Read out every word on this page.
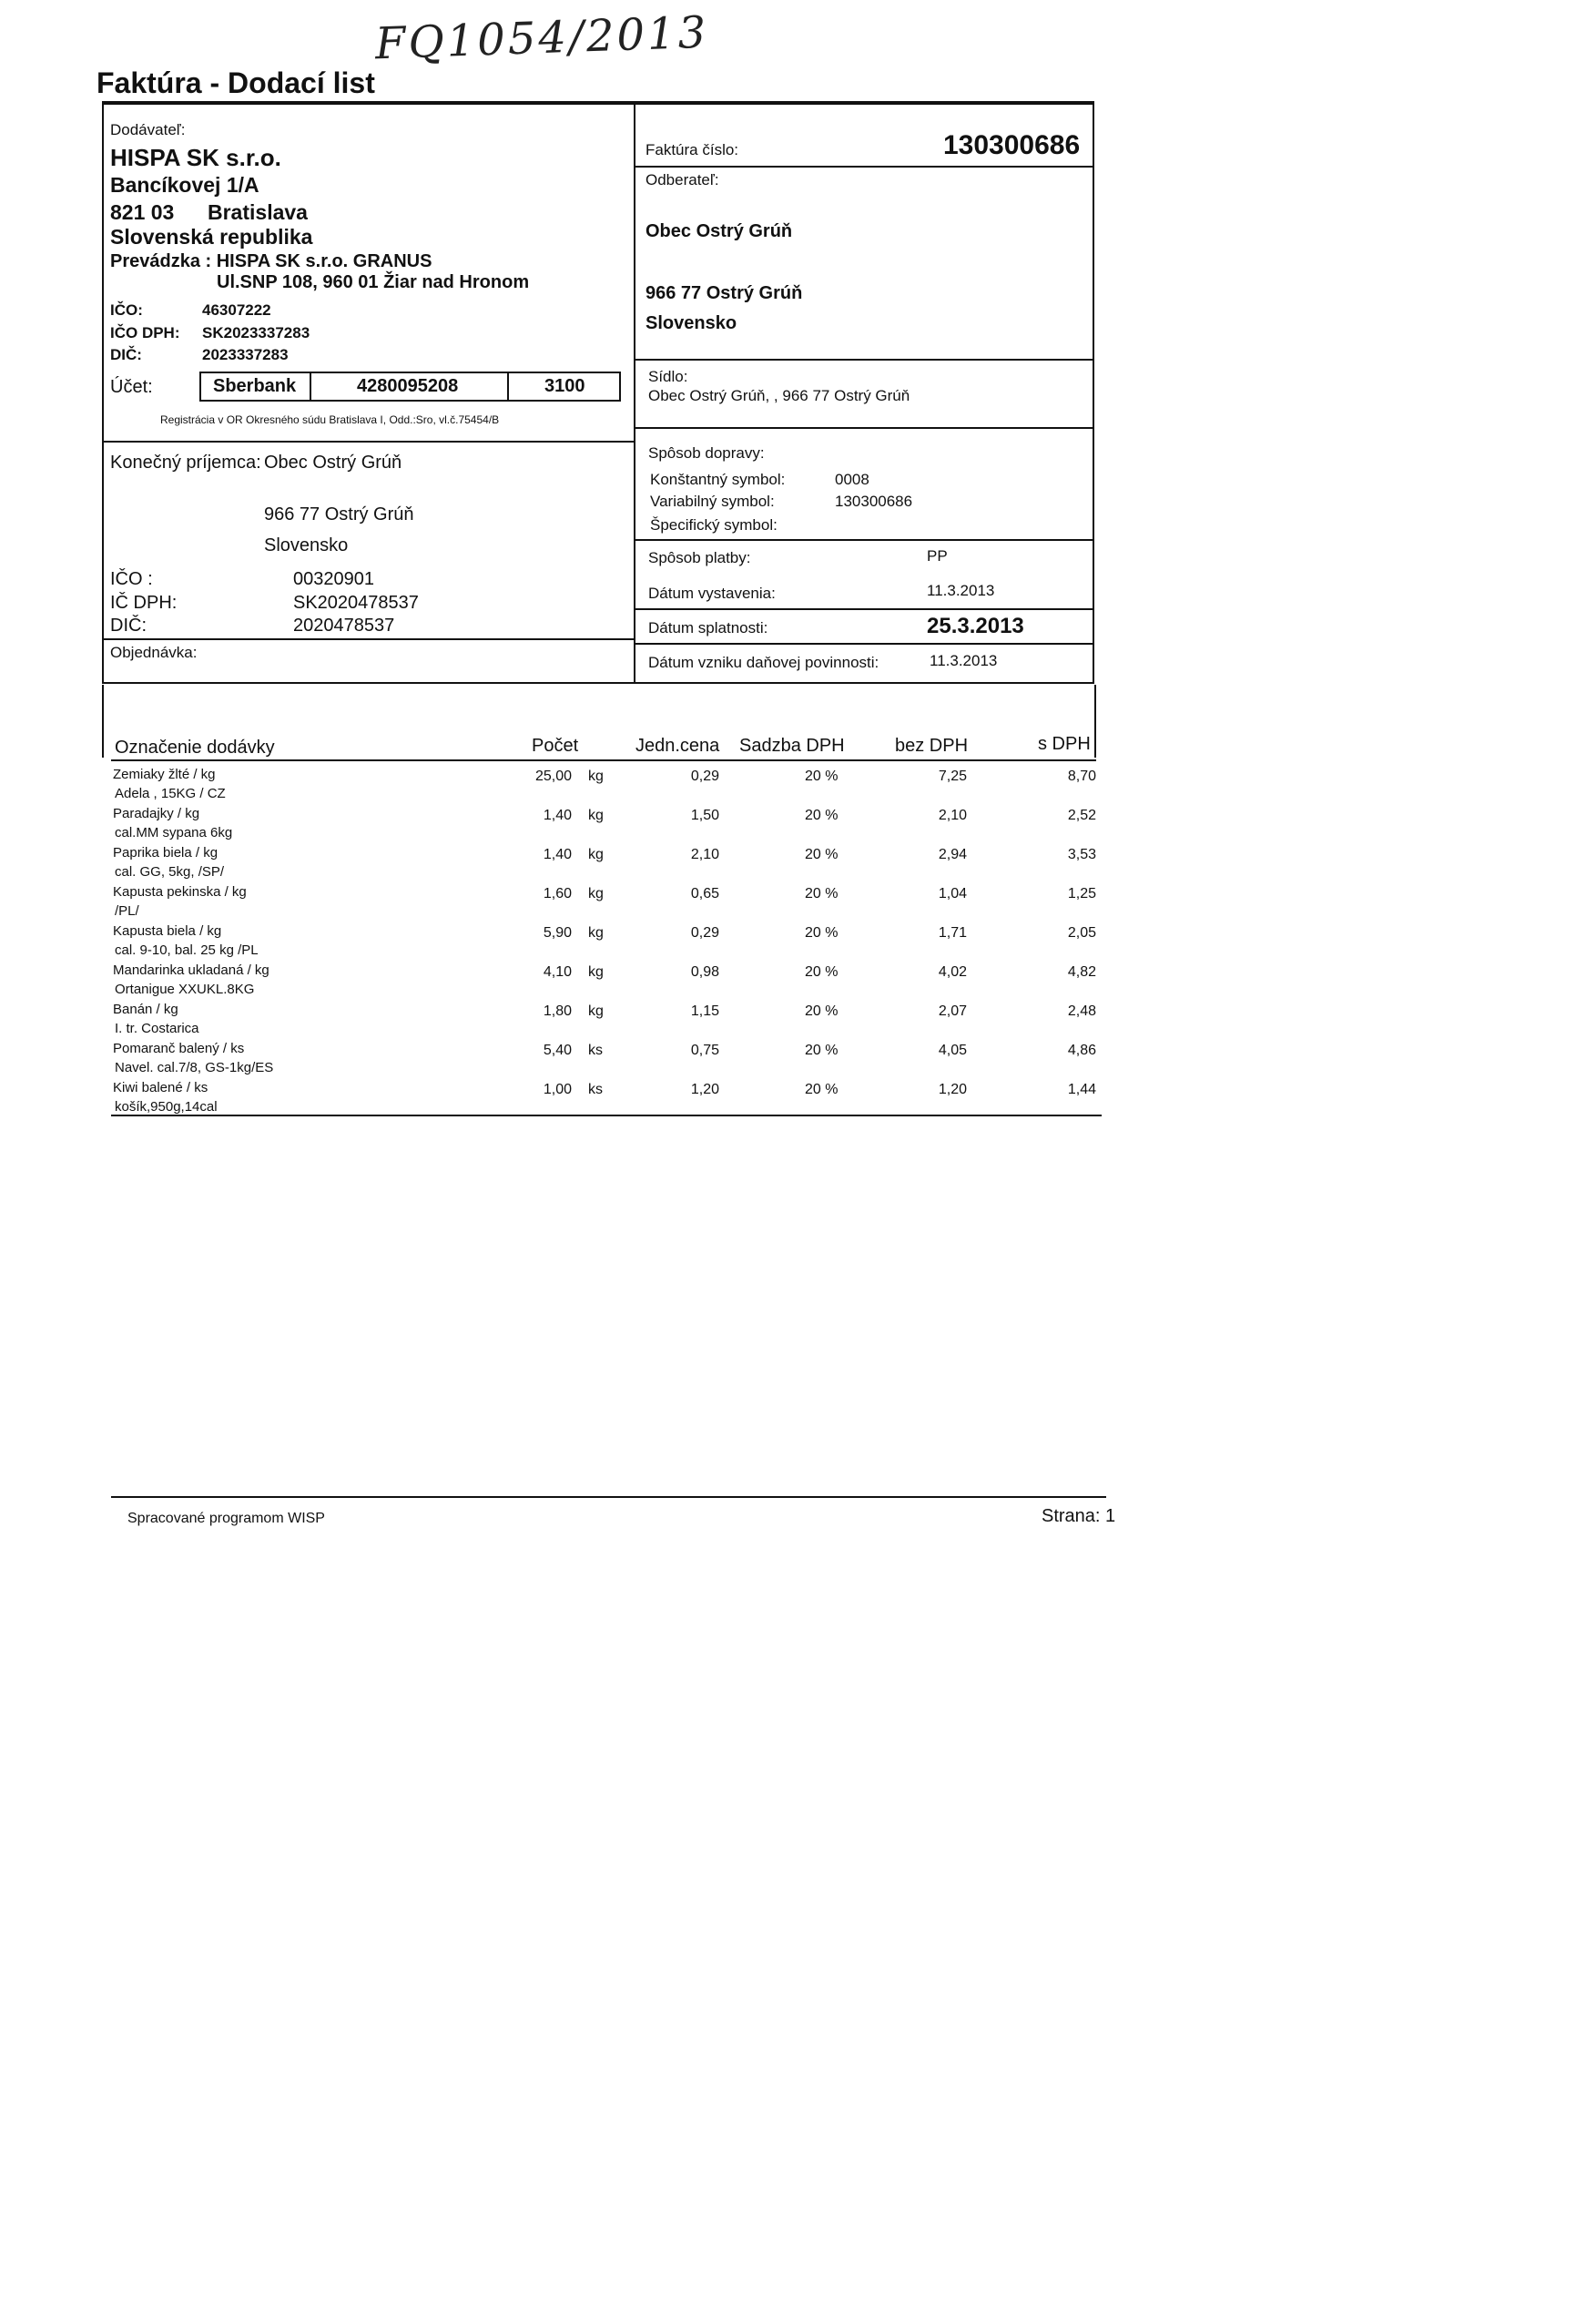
FQ1054/2013
Faktúra - Dodací list
Dodávateľ:
HISPA SK s.r.o.
Bancíkovej 1/A
821 03 Bratislava
Slovenská republika
Prevádzka : HISPA SK s.r.o. GRANUS
Ul.SNP 108, 960 01 Žiar nad Hronom
IČO:	46307222
IČO DPH: SK2023337283
DIČ:	2023337283
Účet:	Sberbank	4280095208	3100
Registrácia v OR Okresného súdu Bratislava I, Odd.:Sro, vl.č.75454/B
Faktúra číslo:	130300686
Odberateľ:
Obec Ostrý Grúň
966 77 Ostrý Grúň
Slovensko
Sídlo:
Obec Ostrý Grúň, , 966 77 Ostrý Grúň
Konečný príjemca: Obec Ostrý Grúň
966 77 Ostrý Grúň
Slovensko
IČO :	00320901
IČ DPH:	SK2020478537
DIČ:	2020478537
Objednávka:
Spôsob dopravy:
Konštantný symbol:	0008
Variabilný symbol:	130300686
Špecifický symbol:
Spôsob platby:	PP
Dátum vystavenia:	11.3.2013
Dátum splatnosti:	25.3.2013
Dátum vzniku daňovej povinnosti:	11.3.2013
Označenie dodávky	Počet	Jedn.cena Sadzba DPH	bez DPH	s DPH
Zemiaky žlté / kg	25,00 kg	0,29	20 %	7,25	8,70
Adela , 15KG / CZ
Paradajky / kg	1,40 kg	1,50	20 %	2,10	2,52
cal.MM sypana 6kg
Paprika biela / kg	1,40 kg	2,10	20 %	2,94	3,53
cal. GG, 5kg, /SP/
Kapusta pekinska / kg	1,60 kg	0,65	20 %	1,04	1,25
/PL/
Kapusta biela / kg	5,90 kg	0,29	20 %	1,71	2,05
cal. 9-10, bal. 25 kg /PL
Mandarinka ukladaná / kg	4,10 kg	0,98	20 %	4,02	4,82
Ortanigue XXUKL.8KG
Banán / kg	1,80 kg	1,15	20 %	2,07	2,48
I. tr. Costarica
Pomaranč balený / ks	5,40 ks	0,75	20 %	4,05	4,86
Navel. cal.7/8, GS-1kg/ES
Kiwi balené / ks	1,00 ks	1,20	20 %	1,20	1,44
košík,950g,14cal
Spracované programom WISP	Strana: 1
